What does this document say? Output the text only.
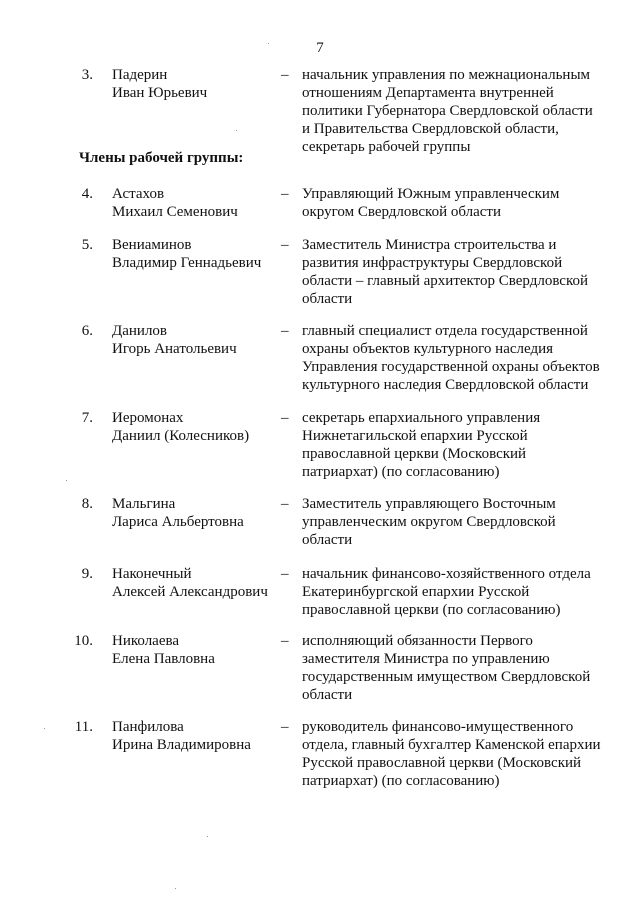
7
3. Падерин
Иван Юрьевич
– начальник управления по межнациональным
отношениям Департамента внутренней
политики Губернатора Свердловской области
и Правительства Свердловской области,
секретарь рабочей группы
Члены рабочей группы:
4. Астахов
Михаил Семенович
– Управляющий Южным управленческим
округом Свердловской области
5. Вениаминов
Владимир Геннадьевич
– Заместитель Министра строительства и
развития инфраструктуры Свердловской
области – главный архитектор Свердловской
области
6. Данилов
Игорь Анатольевич
– главный специалист отдела государственной
охраны объектов культурного наследия
Управления государственной охраны объектов
культурного наследия Свердловской области
7. Иеромонах
Даниил (Колесников)
– секретарь епархиального управления
Нижнетагильской епархии Русской
православной церкви (Московский
патриархат) (по согласованию)
8. Мальгина
Лариса Альбертовна
– Заместитель управляющего Восточным
управленческим округом Свердловской
области
9. Наконечный
Алексей Александрович
– начальник финансово-хозяйственного отдела
Екатеринбургской епархии Русской
православной церкви (по согласованию)
10. Николаева
Елена Павловна
– исполняющий обязанности Первого
заместителя Министра по управлению
государственным имуществом Свердловской
области
11. Панфилова
Ирина Владимировна
– руководитель финансово-имущественного
отдела, главный бухгалтер Каменской епархии
Русской православной церкви (Московский
патриархат) (по согласованию)
